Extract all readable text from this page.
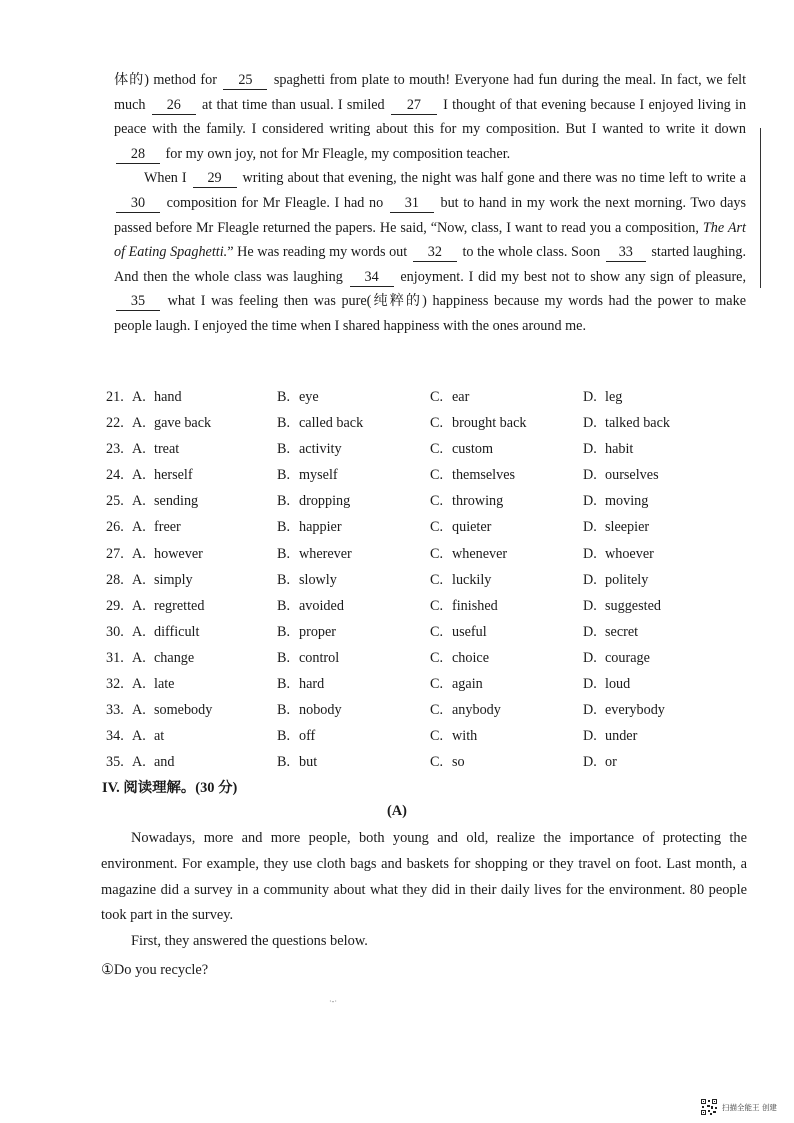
体的) method for 25 spaghetti from plate to mouth! Everyone had fun during the meal. In fact, we felt much 26 at that time than usual. I smiled 27 I thought of that evening because I enjoyed living in peace with the family. I considered writing about this for my composition. But I wanted to write it down 28 for my own joy, not for Mr Fleagle, my composition teacher.

When I 29 writing about that evening, the night was half gone and there was no time left to write a 30 composition for Mr Fleagle. I had no 31 but to hand in my work the next morning. Two days passed before Mr Fleagle returned the papers. He said, “Now, class, I want to read you a composition, The Art of Eating Spaghetti.” He was reading my words out 32 to the whole class. Soon 33 started laughing. And then the whole class was laughing 34 enjoyment. I did my best not to show any sign of pleasure, 35 what I was feeling then was pure(纯粹的) happiness because my words had the power to make people laugh. I enjoyed the time when I shared happiness with the ones around me.

21. A. hand	B. eye	C. ear	D. leg
22. A. gave back	B. called back	C. brought back	D. talked back
23. A. treat	B. activity	C. custom	D. habit
24. A. herself	B. myself	C. themselves	D. ourselves
25. A. sending	B. dropping	C. throwing	D. moving
26. A. freer	B. happier	C. quieter	D. sleepier
27. A. however	B. wherever	C. whenever	D. whoever
28. A. simply	B. slowly	C. luckily	D. politely
29. A. regretted	B. avoided	C. finished	D. suggested
30. A. difficult	B. proper	C. useful	D. secret
31. A. change	B. control	C. choice	D. courage
32. A. late	B. hard	C. again	D. loud
33. A. somebody	B. nobody	C. anybody	D. everybody
34. A. at	B. off	C. with	D. under
35. A. and	B. but	C. so	D. or
IV. 阅读理解。(30 分)
(A)

Nowadays, more and more people, both young and old, realize the importance of protecting the environment. For example, they use cloth bags and baskets for shopping or they travel on foot. Last month, a magazine did a survey in a community about what they did in their daily lives for the environment. 80 people took part in the survey.

First, they answered the questions below.

①Do you recycle?
·‐·
扫描全能王 创建
